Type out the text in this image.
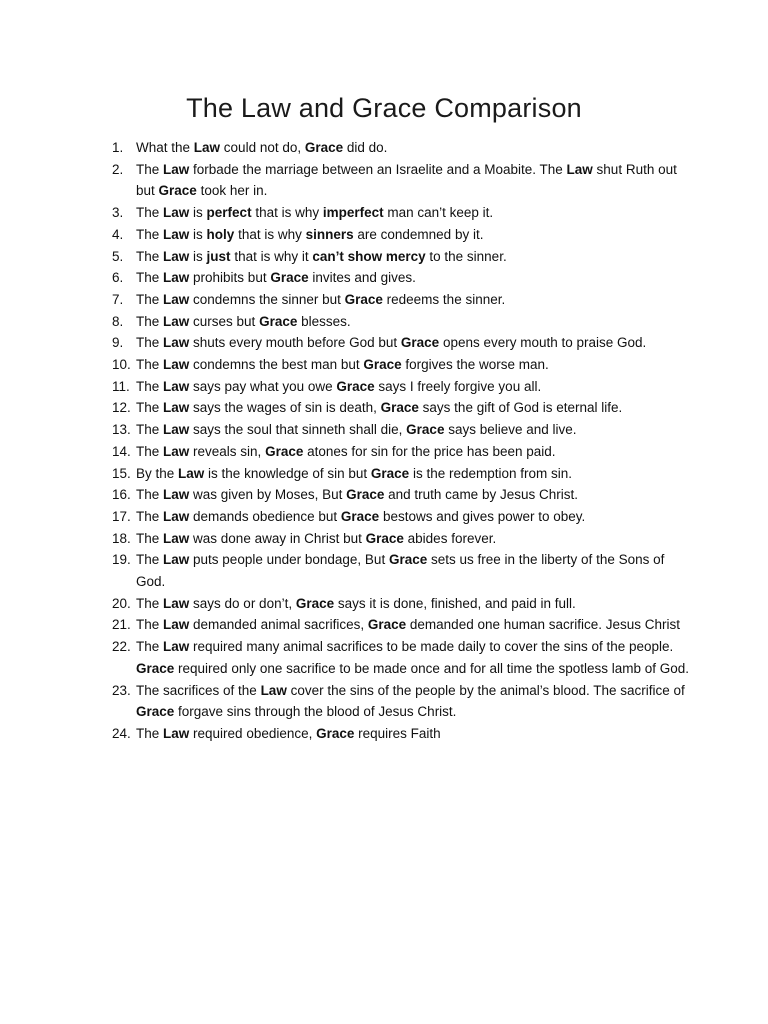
The Law and Grace Comparison
1. What the Law could not do, Grace did do.
2. The Law forbade the marriage between an Israelite and a Moabite. The Law shut Ruth out but Grace took her in.
3. The Law is perfect that is why imperfect man can’t keep it.
4. The Law is holy that is why sinners are condemned by it.
5. The Law is just that is why it can’t show mercy to the sinner.
6. The Law prohibits but Grace invites and gives.
7. The Law condemns the sinner but Grace redeems the sinner.
8. The Law curses but Grace blesses.
9. The Law shuts every mouth before God but Grace opens every mouth to praise God.
10. The Law condemns the best man but Grace forgives the worse man.
11. The Law says pay what you owe Grace says I freely forgive you all.
12. The Law says the wages of sin is death, Grace says the gift of God is eternal life.
13. The Law says the soul that sinneth shall die, Grace says believe and live.
14. The Law reveals sin, Grace atones for sin for the price has been paid.
15. By the Law is the knowledge of sin but Grace is the redemption from sin.
16. The Law was given by Moses, But Grace and truth came by Jesus Christ.
17. The Law demands obedience but Grace bestows and gives power to obey.
18. The Law was done away in Christ but Grace abides forever.
19. The Law puts people under bondage, But Grace sets us free in the liberty of the Sons of God.
20. The Law says do or don’t, Grace says it is done, finished, and paid in full.
21. The Law demanded animal sacrifices, Grace demanded one human sacrifice. Jesus Christ
22. The Law required many animal sacrifices to be made daily to cover the sins of the people. Grace required only one sacrifice to be made once and for all time the spotless lamb of God.
23. The sacrifices of the Law cover the sins of the people by the animal’s blood. The sacrifice of Grace forgave sins through the blood of Jesus Christ.
24. The Law required obedience, Grace requires Faith
